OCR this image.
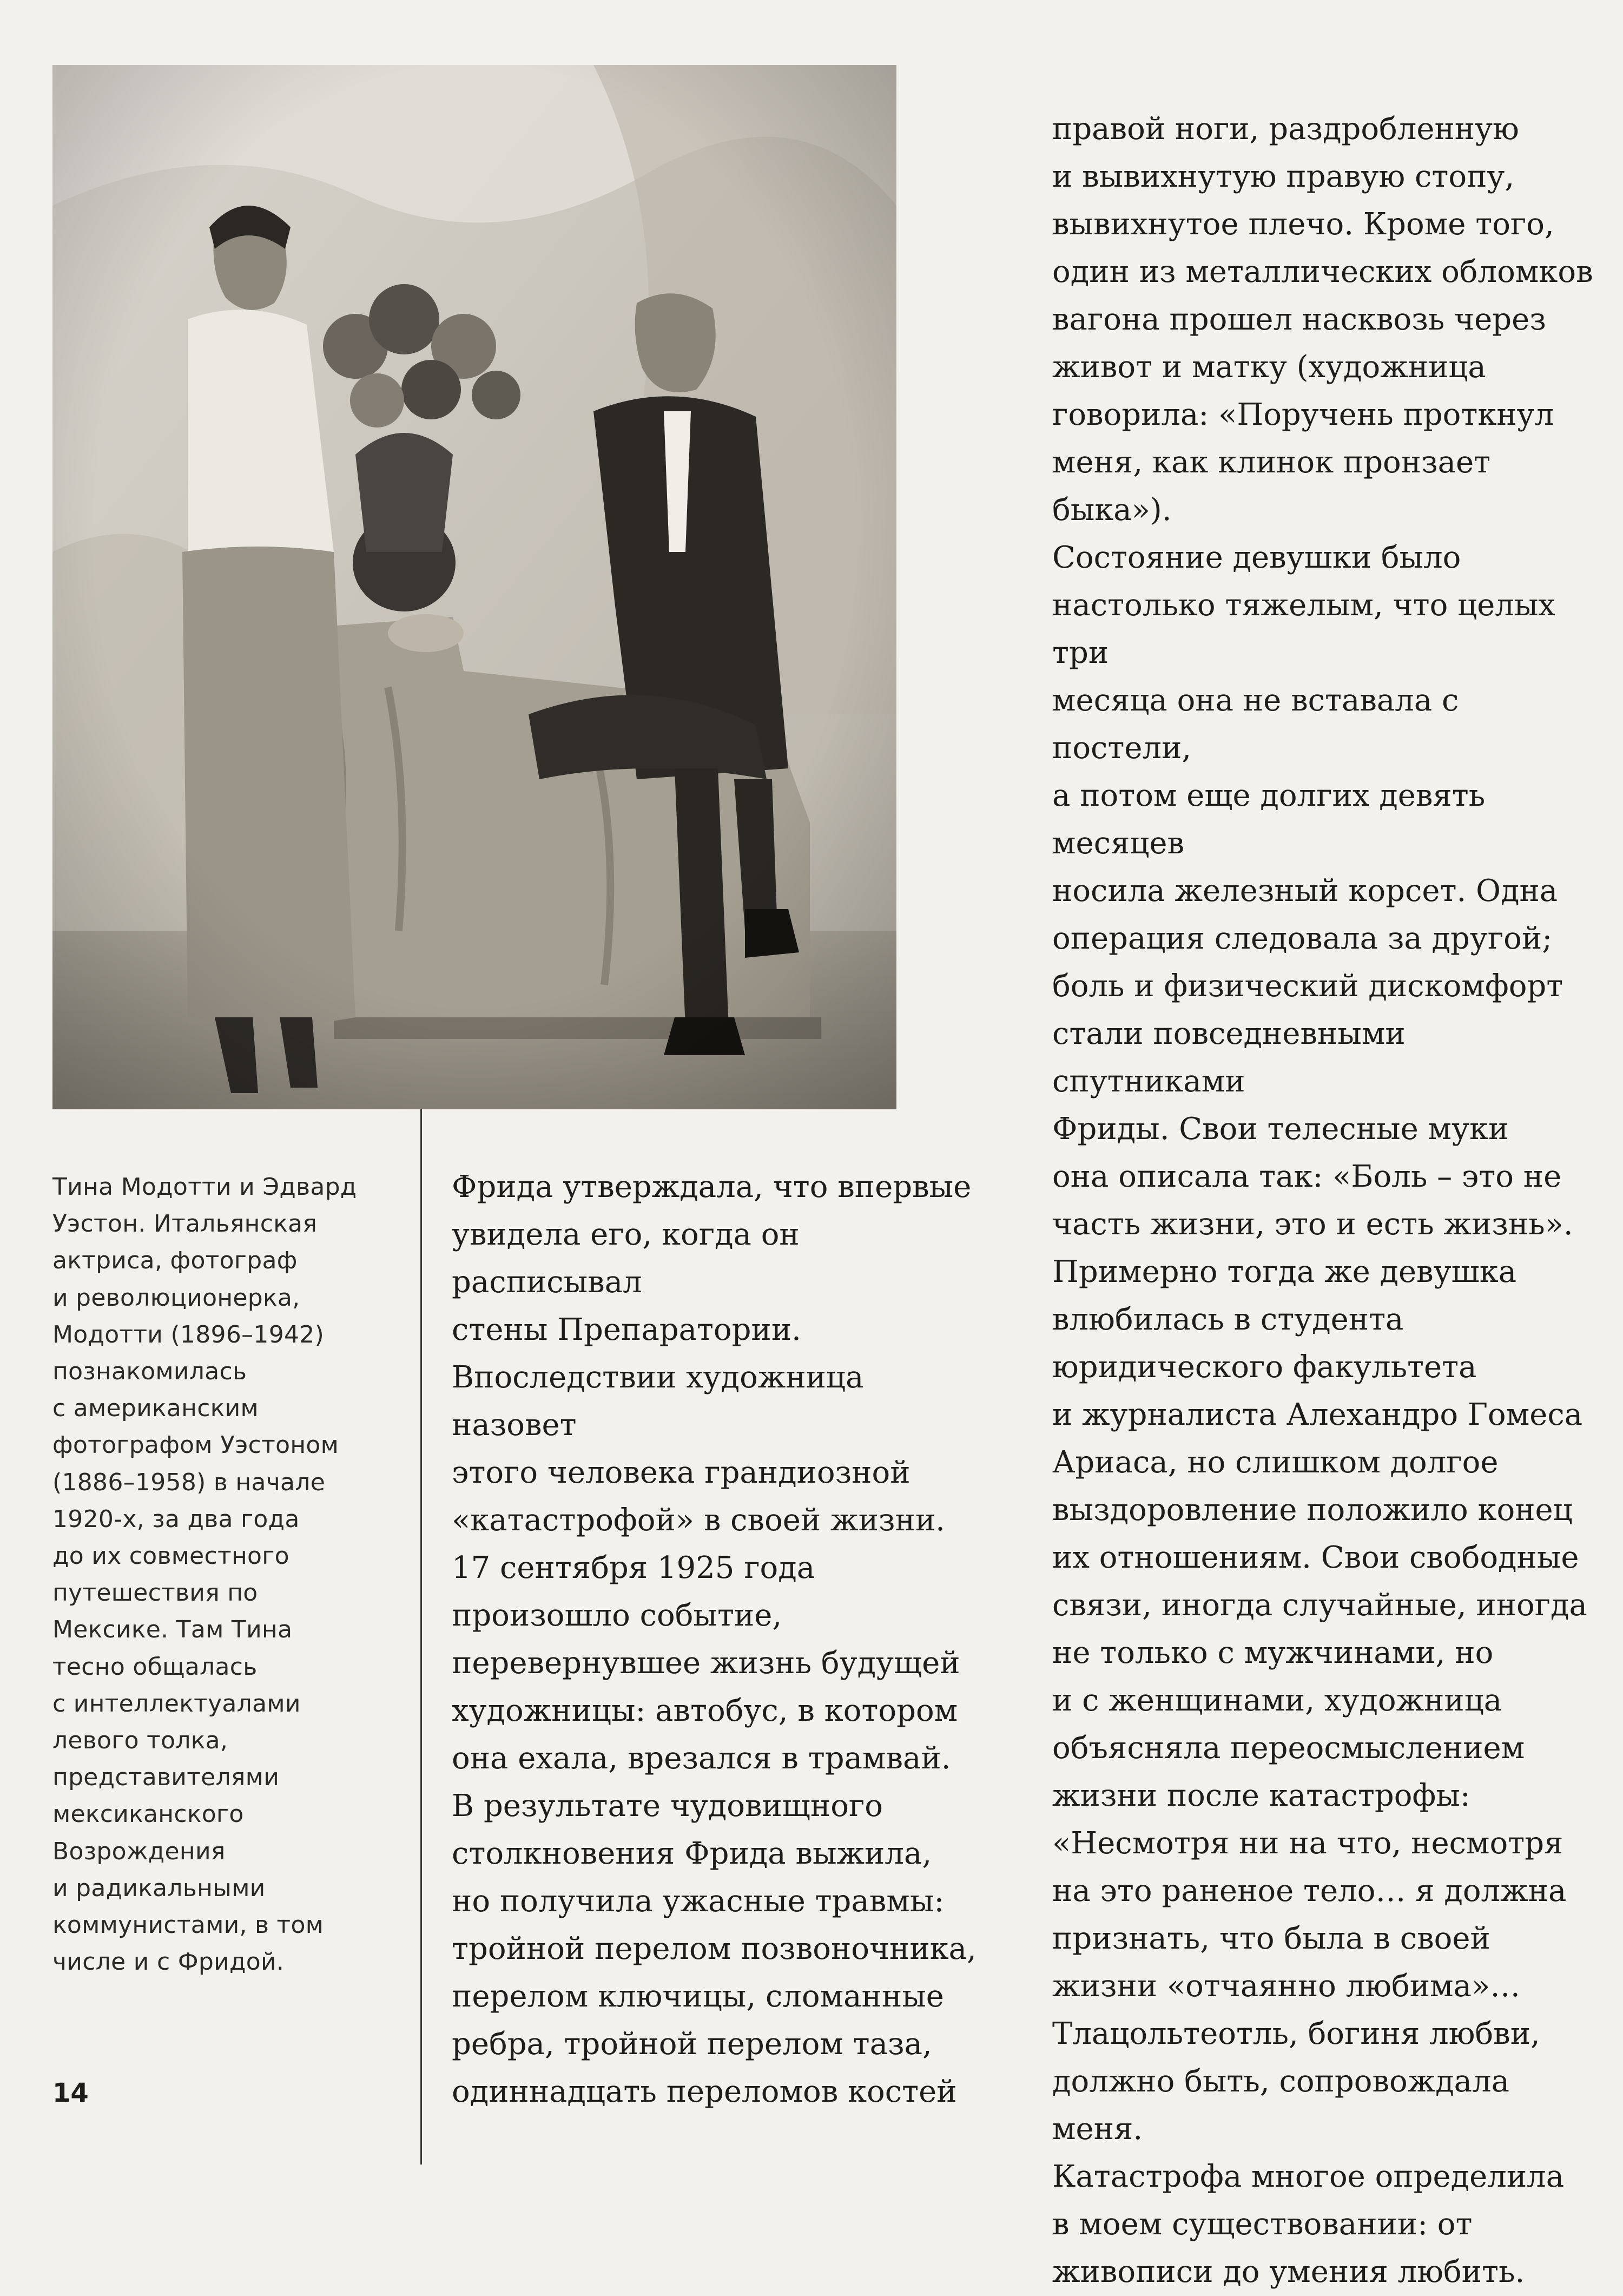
Тина Модотти и Эдвард
Уэстон. Итальянская
актриса, фотограф
и революционерка,
Модотти (1896–1942)
познакомилась
с американским
фотографом Уэстоном
(1886–1958) в начале
1920-х, за два года
до их совместного
путешествия по
Мексике. Там Тина
тесно общалась
с интеллектуалами
левого толка,
представителями
мексиканского
Возрождения
и радикальными
коммунистами, в том
числе и с Фридой.
Фрида утверждала, что впервые
увидела его, когда он расписывал
стены Препаратории.
Впоследствии художница назовет
этого человека грандиозной
«катастрофой» в своей жизни.
17 сентября 1925 года
произошло событие,
перевернувшее жизнь будущей
художницы: автобус, в котором
она ехала, врезался в трамвай.
В результате чудовищного
столкновения Фрида выжила,
но получила ужасные травмы:
тройной перелом позвоночника,
перелом ключицы, сломанные
ребра, тройной перелом таза,
одиннадцать переломов костей
правой ноги, раздробленную
и вывихнутую правую стопу,
вывихнутое плечо. Кроме того,
один из металлических обломков
вагона прошел насквозь через
живот и матку (художница
говорила: «Поручень проткнул
меня, как клинок пронзает быка»).
Состояние девушки было
настолько тяжелым, что целых три
месяца она не вставала с постели,
а потом еще долгих девять месяцев
носила железный корсет. Одна
операция следовала за другой;
боль и физический дискомфорт
стали повседневными спутниками
Фриды. Свои телесные муки
она описала так: «Боль – это не
часть жизни, это и есть жизнь».
Примерно тогда же девушка
влюбилась в студента
юридического факультета
и журналиста Алехандро Гомеса
Ариаса, но слишком долгое
выздоровление положило конец
их отношениям. Свои свободные
связи, иногда случайные, иногда
не только с мужчинами, но
и с женщинами, художница
объясняла переосмыслением
жизни после катастрофы:
«Несмотря ни на что, несмотря
на это раненое тело… я должна
признать, что была в своей
жизни «отчаянно любима»…
Тлацольтеотль, богиня любви,
должно быть, сопровождала меня.
Катастрофа многое определила
в моем существовании: от
живописи до умения любить.
14
